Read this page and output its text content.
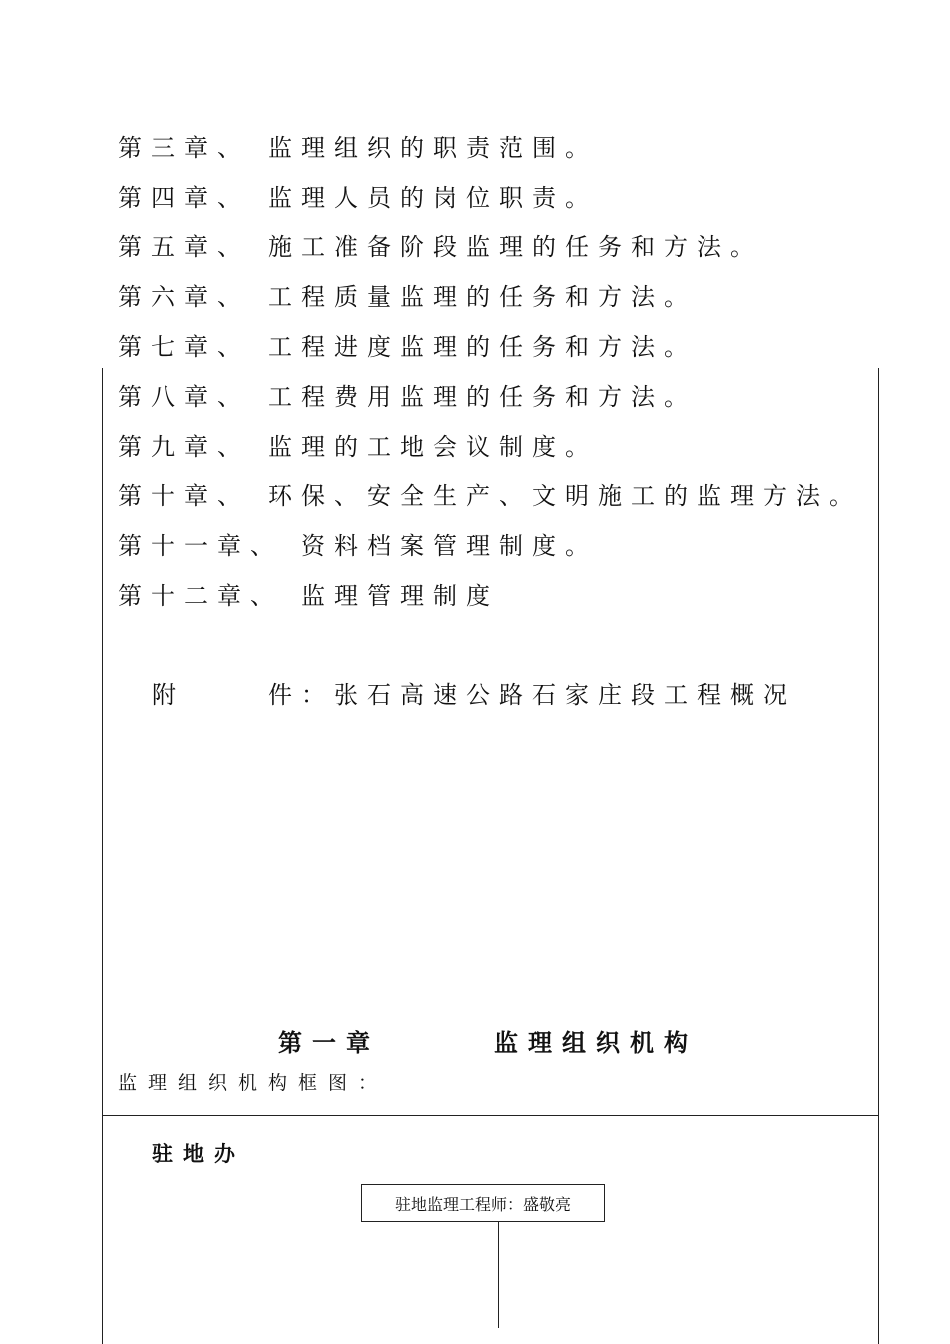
第三章、 监理组织的职责范围。
第四章、 监理人员的岗位职责。
第五章、 施工准备阶段监理的任务和方法。
第六章、 工程质量监理的任务和方法。
第七章、 工程进度监理的任务和方法。
第八章、 工程费用监理的任务和方法。
第九章、 监理的工地会议制度。
第十章、 环保、安全生产、文明施工的监理方法。
第十一章、 资料档案管理制度。
第十二章、 监理管理制度
附	件：张石高速公路石家庄段工程概况
第一章	监理组织机构
监理组织机构框图：
驻地办
驻地监理工程师：盛敬亮
